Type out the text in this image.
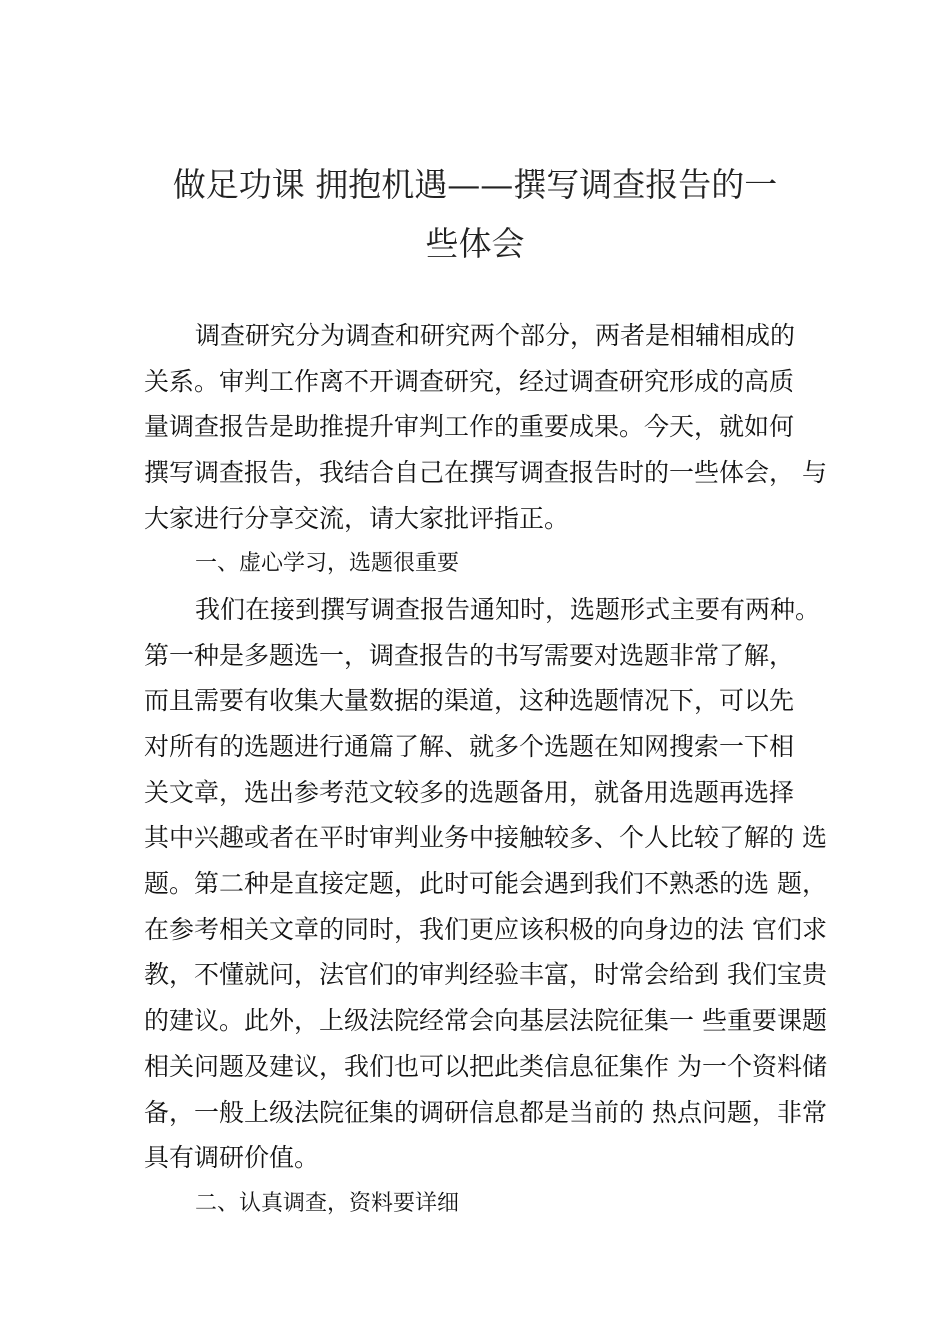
做足功课 拥抱机遇——撰写调查报告的一
些体会

调查研究分为调查和研究两个部分，两者是相辅相成的

关系。审判工作离不开调查研究，经过调查研究形成的高质

量调查报告是助推提升审判工作的重要成果。今天，就如何

撰写调查报告，我结合自己在撰写调查报告时的一些体会， 与

大家进行分享交流，请大家批评指正。

一、虚心学习，选题很重要

我们在接到撰写调查报告通知时，选题形式主要有两种。

第一种是多题选一，调查报告的书写需要对选题非常了解，

而且需要有收集大量数据的渠道，这种选题情况下，可以先

对所有的选题进行通篇了解、就多个选题在知网搜索一下相

关文章，选出参考范文较多的选题备用，就备用选题再选择

其中兴趣或者在平时审判业务中接触较多、个人比较了解的 选

题。第二种是直接定题，此时可能会遇到我们不熟悉的选 题，

在参考相关文章的同时，我们更应该积极的向身边的法 官们求

教，不懂就问，法官们的审判经验丰富，时常会给到 我们宝贵

的建议。此外，上级法院经常会向基层法院征集一 些重要课题

相关问题及建议，我们也可以把此类信息征集作 为一个资料储

备，一般上级法院征集的调研信息都是当前的 热点问题，非常

具有调研价值。

二、认真调查，资料要详细
